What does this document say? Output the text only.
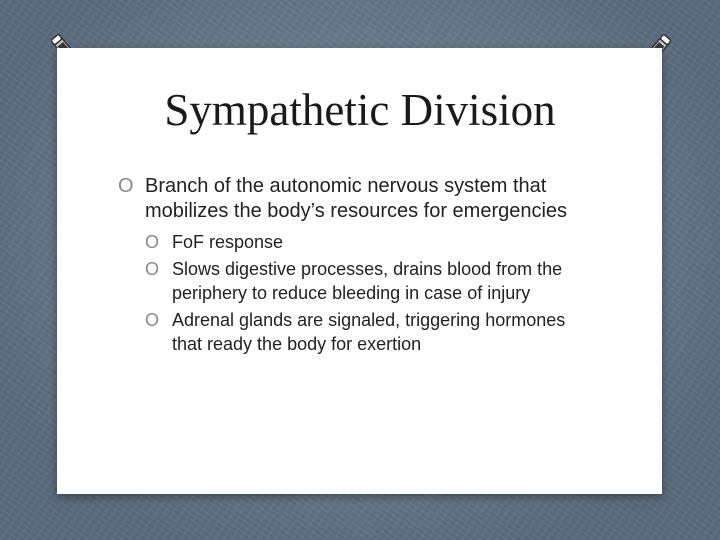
Sympathetic Division
O Branch of the autonomic nervous system that mobilizes the body’s resources for emergencies
O FoF response
O Slows digestive processes, drains blood from the periphery to reduce bleeding in case of injury
O Adrenal glands are signaled, triggering hormones that ready the body for exertion
